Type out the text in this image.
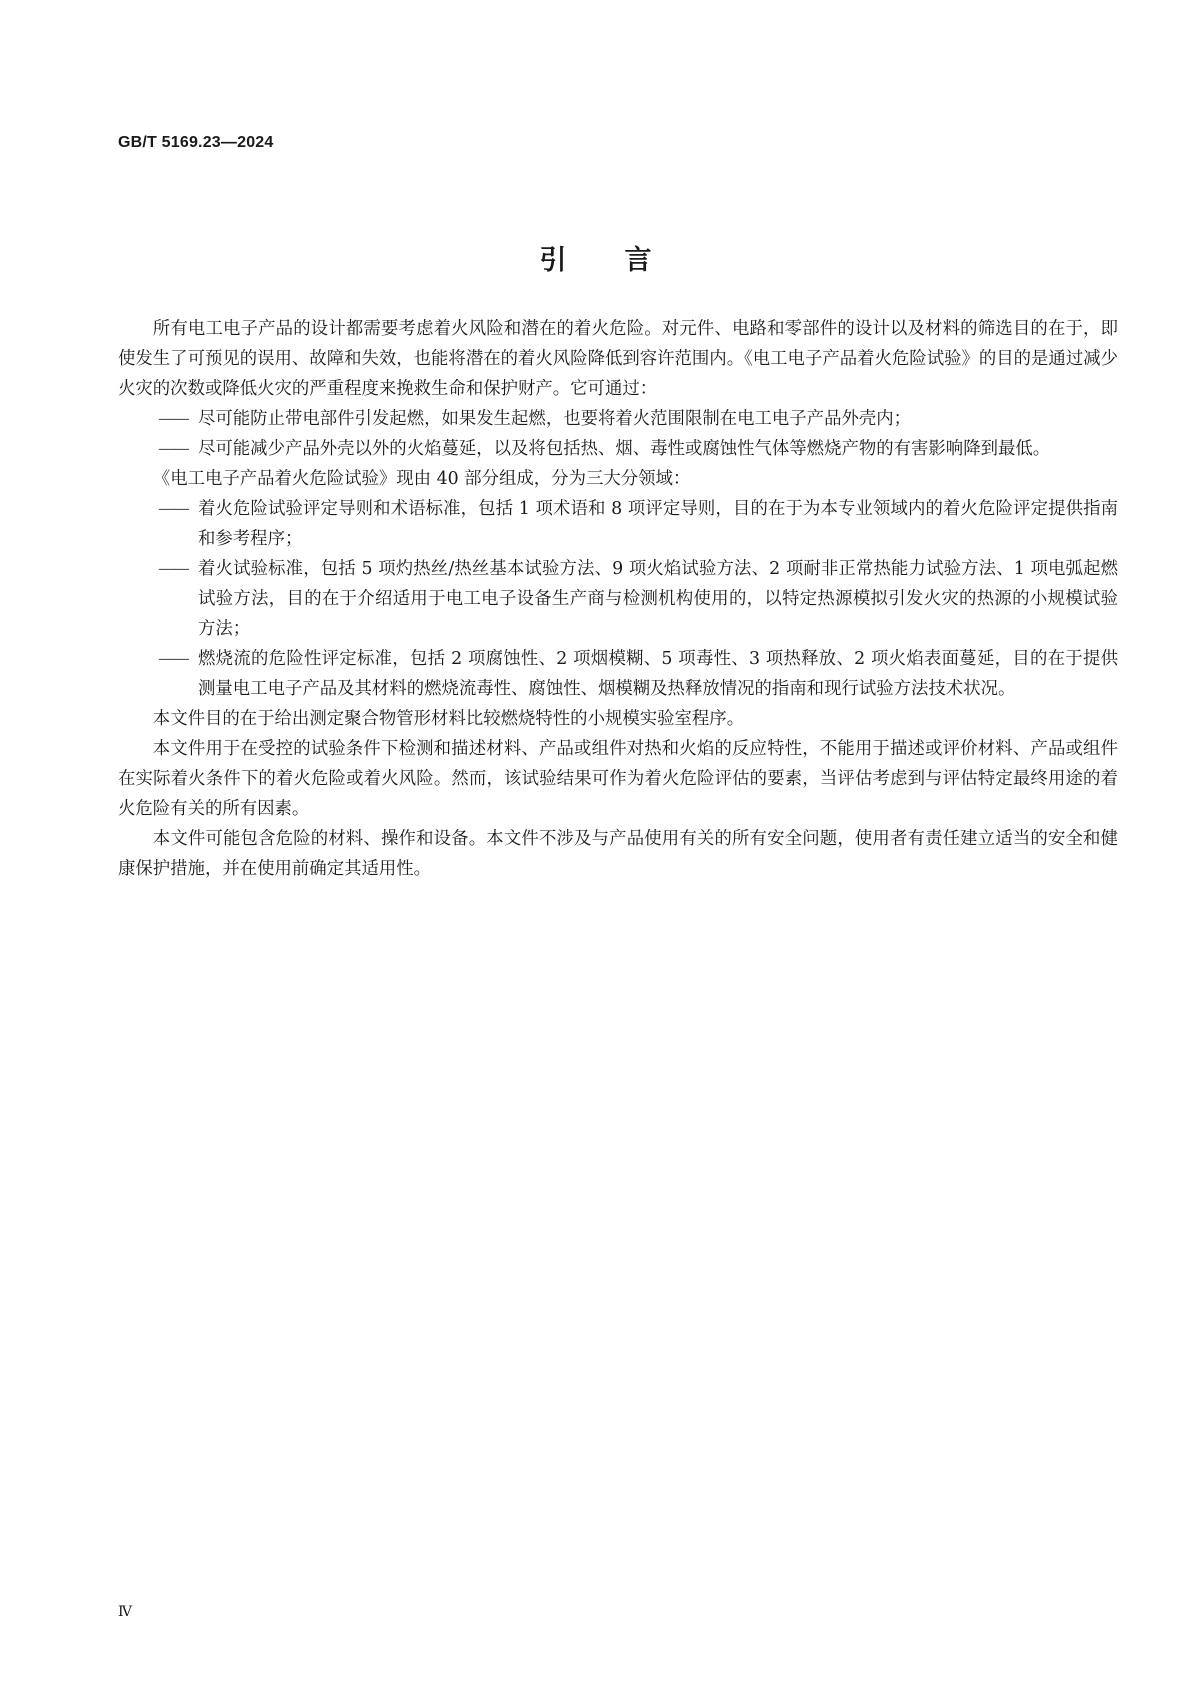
GB/T 5169.23—2024
引 言

所有电工电子产品的设计都需要考虑着火风险和潜在的着火危险。对元件、电路和零部件的设计以及材料的筛选目的在于，即使发生了可预见的误用、故障和失效，也能将潜在的着火风险降低到容许范围内。《电工电子产品着火危险试验》的目的是通过减少火灾的次数或降低火灾的严重程度来挽救生命和保护财产。它可通过：

—— 尽可能防止带电部件引发起燃，如果发生起燃，也要将着火范围限制在电工电子产品外壳内；

—— 尽可能减少产品外壳以外的火焰蔓延，以及将包括热、烟、毒性或腐蚀性气体等燃烧产物的有害影响降到最低。

《电工电子产品着火危险试验》现由 40 部分组成，分为三大分领域：

—— 着火危险试验评定导则和术语标准，包括 1 项术语和 8 项评定导则，目的在于为本专业领域内的着火危险评定提供指南和参考程序；

—— 着火试验标准，包括 5 项灼热丝/热丝基本试验方法、9 项火焰试验方法、2 项耐非正常热能力试验方法、1 项电弧起燃试验方法，目的在于介绍适用于电工电子设备生产商与检测机构使用的，以特定热源模拟引发火灾的热源的小规模试验方法；

—— 燃烧流的危险性评定标准，包括 2 项腐蚀性、2 项烟模糊、5 项毒性、3 项热释放、2 项火焰表面蔓延，目的在于提供测量电工电子产品及其材料的燃烧流毒性、腐蚀性、烟模糊及热释放情况的指南和现行试验方法技术状况。

本文件目的在于给出测定聚合物管形材料比较燃烧特性的小规模实验室程序。

本文件用于在受控的试验条件下检测和描述材料、产品或组件对热和火焰的反应特性，不能用于描述或评价材料、产品或组件在实际着火条件下的着火危险或着火风险。然而，该试验结果可作为着火危险评估的要素，当评估考虑到与评估特定最终用途的着火危险有关的所有因素。

本文件可能包含危险的材料、操作和设备。本文件不涉及与产品使用有关的所有安全问题，使用者有责任建立适当的安全和健康保护措施，并在使用前确定其适用性。

Ⅳ
